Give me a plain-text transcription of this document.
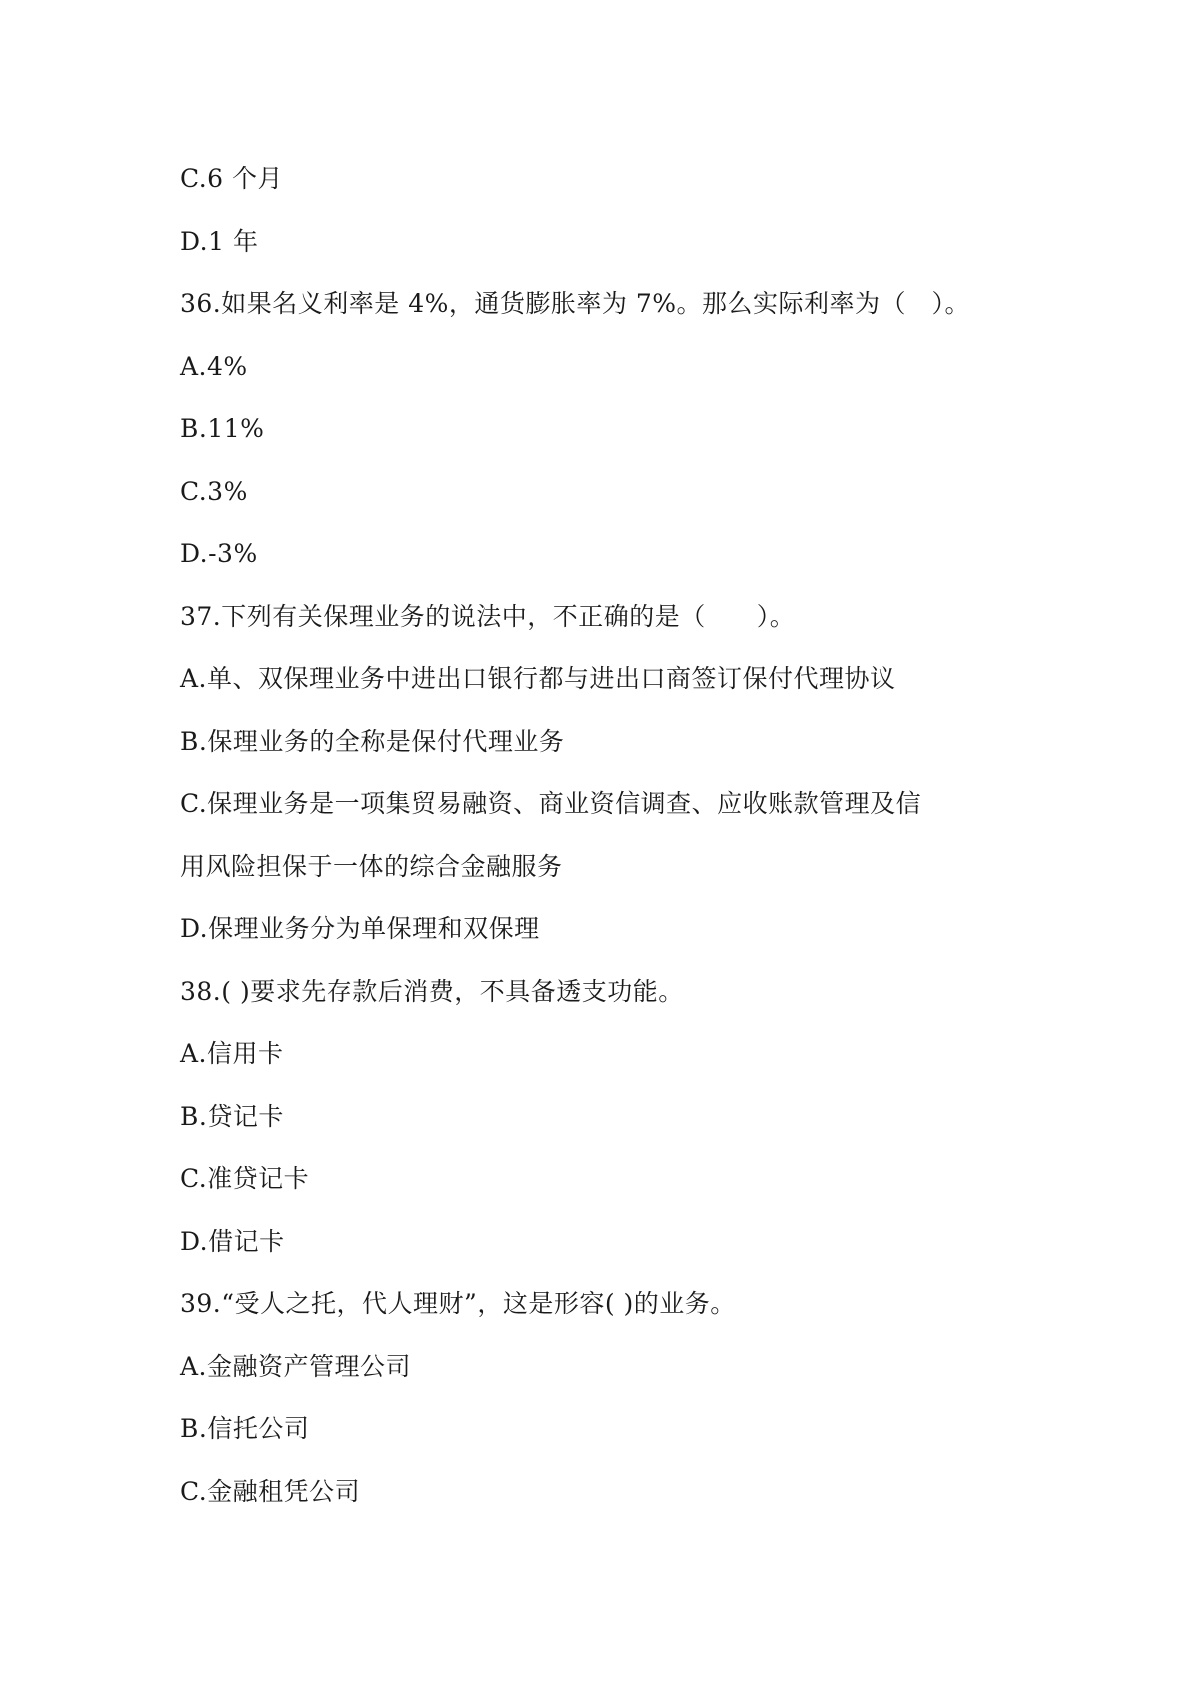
C.6 个月
D.1 年
36.如果名义利率是 4%，通货膨胀率为 7%。那么实际利率为（　）。
A.4%
B.11%
C.3%
D.-3%
37.下列有关保理业务的说法中，不正确的是（　　）。
A.单、双保理业务中进出口银行都与进出口商签订保付代理协议
B.保理业务的全称是保付代理业务
C.保理业务是一项集贸易融资、商业资信调查、应收账款管理及信
用风险担保于一体的综合金融服务
D.保理业务分为单保理和双保理
38.( )要求先存款后消费，不具备透支功能。
A.信用卡
B.贷记卡
C.准贷记卡
D.借记卡
39.“受人之托，代人理财”，这是形容( )的业务。
A.金融资产管理公司
B.信托公司
C.金融租凭公司
